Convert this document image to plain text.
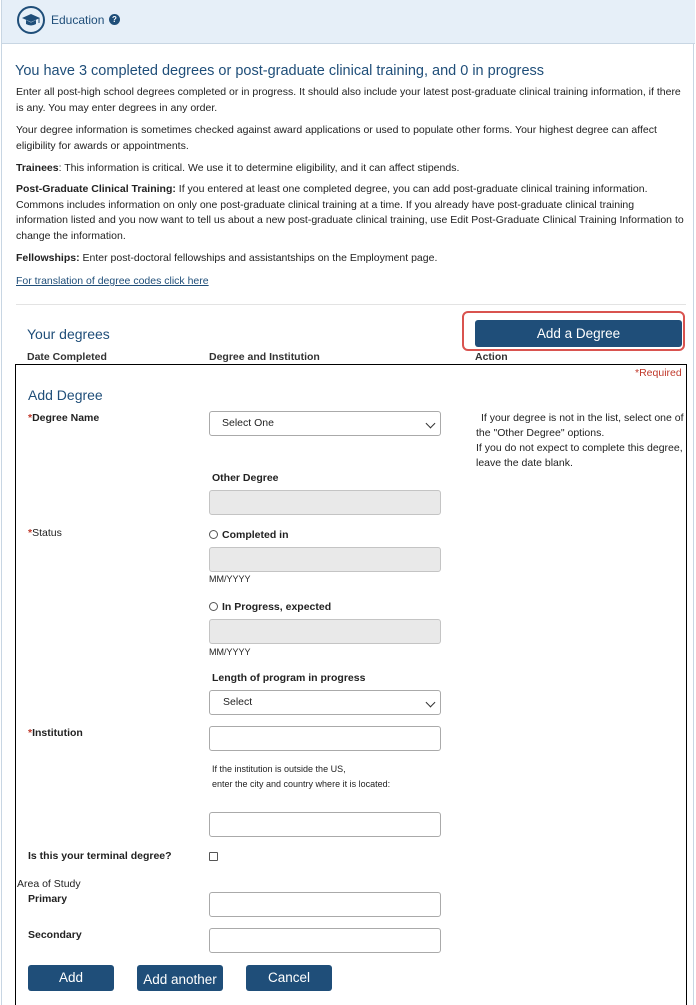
Education ?
You have 3 completed degrees or post-graduate clinical training, and 0 in progress
Enter all post-high school degrees completed or in progress. It should also include your latest post-graduate clinical training information, if there is any. You may enter degrees in any order.
Your degree information is sometimes checked against award applications or used to populate other forms. Your highest degree can affect eligibility for awards or appointments.
Trainees: This information is critical. We use it to determine eligibility, and it can affect stipends.
Post-Graduate Clinical Training: If you entered at least one completed degree, you can add post-graduate clinical training information. Commons includes information on only one post-graduate clinical training at a time. If you already have post-graduate clinical training information listed and you now want to tell us about a new post-graduate clinical training, use Edit Post-Graduate Clinical Training Information to change the information.
Fellowships: Enter post-doctoral fellowships and assistantships on the Employment page.
For translation of degree codes click here
Your degrees	Add a Degree
Date Completed	Degree and Institution	Action
*Required
Add Degree
*Degree Name	Select One	If your degree is not in the list, select one of the "Other Degree" options.
If you do not expect to complete this degree, leave the date blank.
Other Degree
*Status	Completed in
MM/YYYY
In Progress, expected
MM/YYYY
Length of program in progress
Select
*Institution
If the institution is outside the US,
enter the city and country where it is located:
Is this your terminal degree?
Area of Study
Primary
Secondary
Add	Add another	Cancel
